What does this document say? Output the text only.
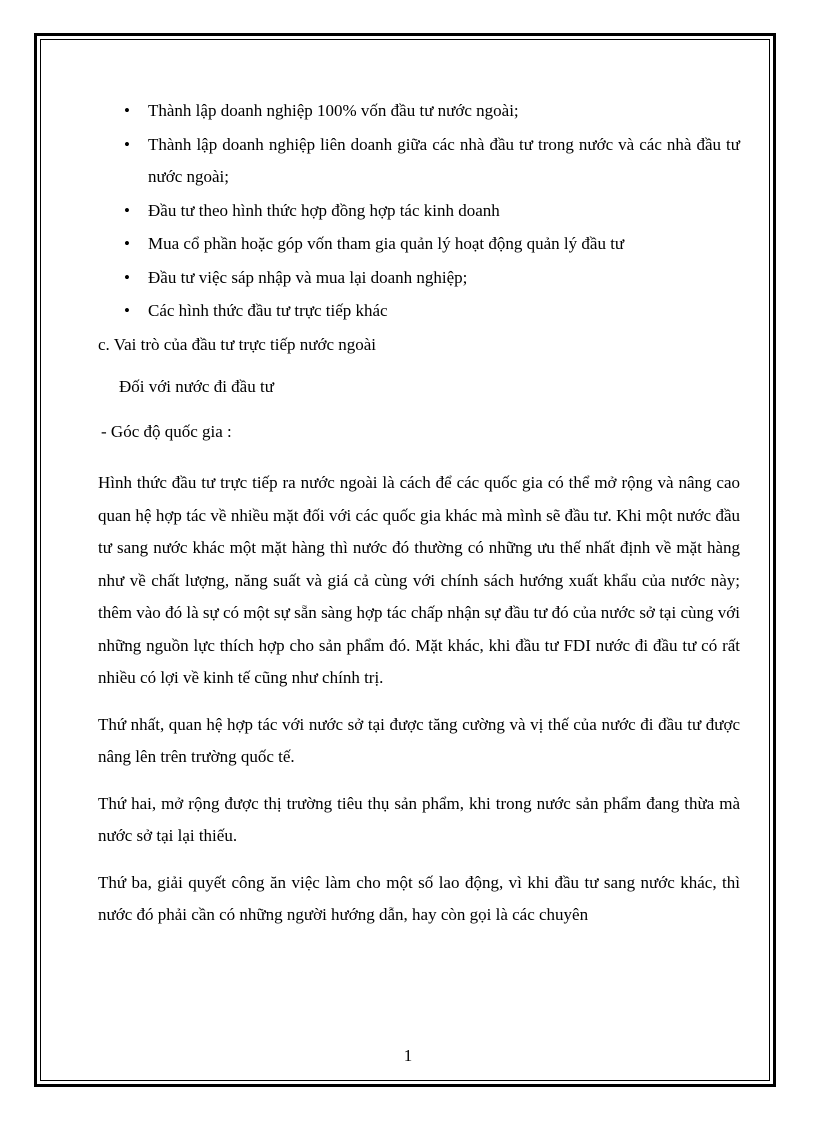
• Thành lập doanh nghiệp 100% vốn đầu tư nước ngoài;
• Thành lập doanh nghiệp liên doanh giữa các nhà đầu tư trong nước và các nhà đầu tư nước ngoài;
• Đầu tư theo hình thức hợp đồng hợp tác kinh doanh
• Mua cổ phần hoặc góp vốn tham gia quản lý hoạt động quản lý đầu tư
• Đầu tư việc sáp nhập và mua lại doanh nghiệp;
• Các hình thức đầu tư trực tiếp khác
c. Vai trò của đầu tư trực tiếp nước ngoài
Đối với nước đi đầu tư
- Góc độ quốc gia :

Hình thức đầu tư trực tiếp ra nước ngoài là cách để các quốc gia có thể mở rộng và nâng cao quan hệ hợp tác về nhiều mặt đối với các quốc gia khác mà mình sẽ đầu tư. Khi một nước đầu tư sang nước khác một mặt hàng thì nước đó thường có những ưu thế nhất định về mặt hàng như về chất lượng, năng suất và giá cả cùng với chính sách hướng xuất khẩu của nước này; thêm vào đó là sự có một sự sẵn sàng hợp tác chấp nhận sự đầu tư đó của nước sở tại cùng với những nguồn lực thích hợp cho sản phẩm đó. Mặt khác, khi đầu tư FDI nước đi đầu tư có rất nhiều có lợi về kinh tế cũng như chính trị.

Thứ nhất, quan hệ hợp tác với nước sở tại được tăng cường và vị thế của nước đi đầu tư được nâng lên trên trường quốc tế.

Thứ hai, mở rộng được thị trường tiêu thụ sản phẩm, khi trong nước sản phẩm đang thừa mà nước sở tại lại thiếu.

Thứ ba, giải quyết công ăn việc làm cho một số lao động, vì khi đầu tư sang nước khác, thì nước đó phải cần có những người hướng dẫn, hay còn gọi là các chuyên

1
